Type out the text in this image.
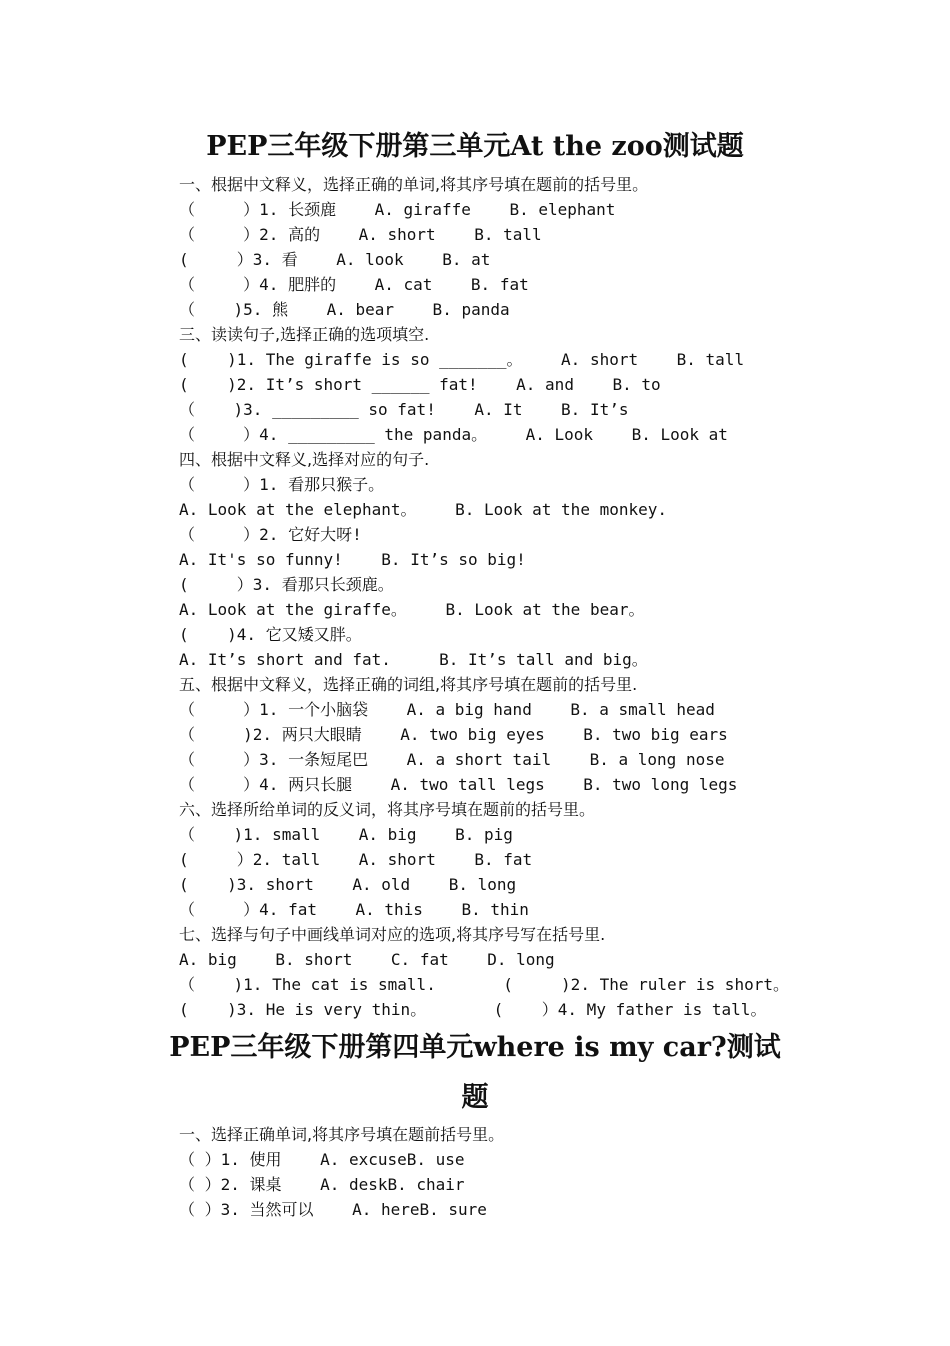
PEP三年级下册第三单元At the zoo测试题
一、根据中文释义，选择正确的单词,将其序号填在题前的括号里。
（     ）1. 长颈鹿    A. giraffe    B. elephant
（     ）2. 高的    A. short    B. tall
(     ）3. 看    A. look    B. at
（     ）4. 肥胖的    A. cat    B. fat
（    )5. 熊    A. bear    B. panda
三、读读句子,选择正确的选项填空.
(    )1. The giraffe is so _______。    A. short    B. tall
(    )2. It’s short ______ fat!    A. and    B. to
（    )3. _________ so fat!    A. It    B. It’s
（     ）4. _________ the panda。    A. Look    B. Look at
四、根据中文释义,选择对应的句子.
（     ）1. 看那只猴子。
A. Look at the elephant。    B. Look at the monkey.
（     ）2. 它好大呀!
A. It's so funny!    B. It’s so big!
(     ）3. 看那只长颈鹿。
A. Look at the giraffe。    B. Look at the bear。
(    )4. 它又矮又胖。
A. It’s short and fat.     B. It’s tall and big。
五、根据中文释义，选择正确的词组,将其序号填在题前的括号里.
（     ）1. 一个小脑袋    A. a big hand    B. a small head
（     )2. 两只大眼睛    A. two big eyes    B. two big ears
（     ）3. 一条短尾巴    A. a short tail    B. a long nose
（     ）4. 两只长腿    A. two tall legs    B. two long legs
六、选择所给单词的反义词，将其序号填在题前的括号里。
（    )1. small    A. big    B. pig
(     ）2. tall    A. short    B. fat
(    )3. short    A. old    B. long
（     ）4. fat    A. this    B. thin
七、选择与句子中画线单词对应的选项,将其序号写在括号里.
A. big    B. short    C. fat    D. long
（    )1. The cat is small.       (     )2. The ruler is short。
(    )3. He is very thin。       (    ）4. My father is tall。
PEP三年级下册第四单元where is my car?测试
题
一、选择正确单词,将其序号填在题前括号里。
（ ）1. 使用    A. excuseB. use
（ ）2. 课桌    A. deskB. chair
（ ）3. 当然可以    A. hereB. sure
